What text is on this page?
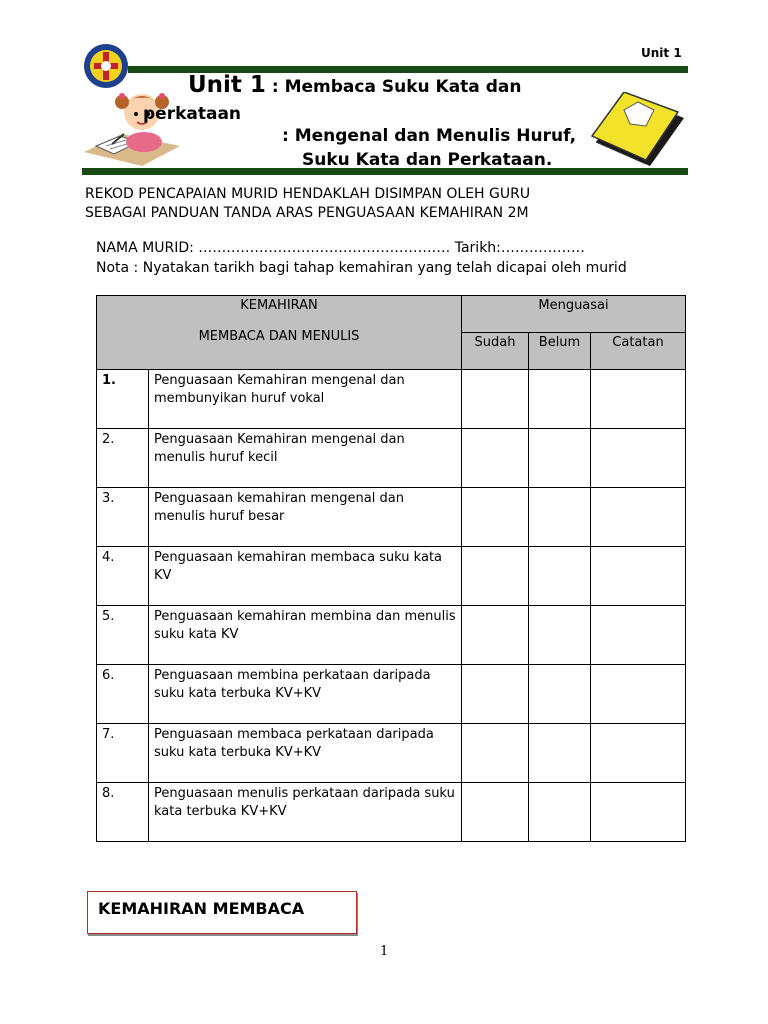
Unit 1
Unit 1 : Membaca Suku Kata dan
perkataan
: Mengenal dan Menulis Huruf,
Suku Kata dan Perkataan.
REKOD PENCAPAIAN MURID HENDAKLAH DISIMPAN OLEH GURU
SEBAGAI PANDUAN TANDA ARAS PENGUASAAN KEMAHIRAN 2M
NAMA MURID: ……………………………………………… Tarikh:………………
Nota : Nyatakan tarikh bagi tahap kemahiran yang telah dicapai oleh murid
KEMAHIRAN
MEMBACA DAN MENULIS		Menguasai		
		Sudah	Belum	Catatan
1.	Penguasaan Kemahiran mengenal dan membunyikan huruf vokal			
2.	Penguasaan Kemahiran mengenal dan menulis huruf kecil			
3.	Penguasaan kemahiran mengenal dan menulis huruf besar			
4.	Penguasaan kemahiran membaca suku kata KV			
5.	Penguasaan kemahiran membina dan menulis suku kata KV			
6.	Penguasaan membina perkataan daripada suku kata terbuka KV+KV			
7.	Penguasaan membaca perkataan daripada suku kata terbuka KV+KV			
8.	Penguasaan menulis perkataan daripada suku kata terbuka KV+KV			
KEMAHIRAN MEMBACA
1
